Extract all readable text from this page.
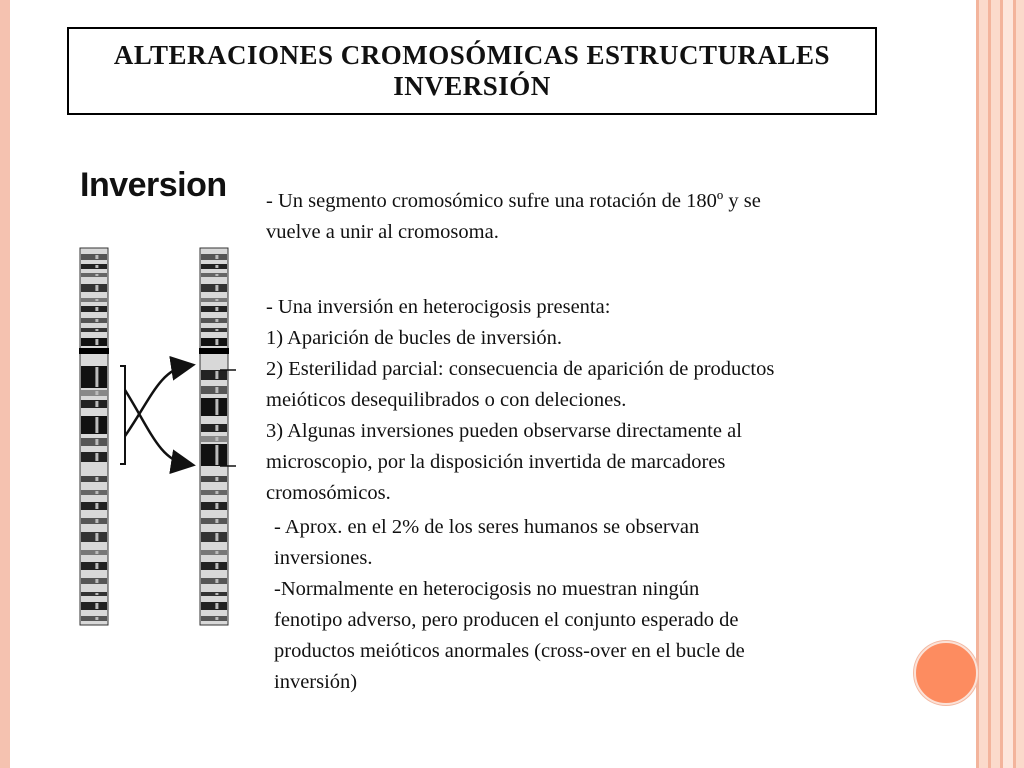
ALTERACIONES CROMOSÓMICAS ESTRUCTURALES
INVERSIÓN
Inversion - Un segmento cromosómico sufre una rotación de 180º y se

vuelve a unir al cromosoma.

- Una inversión en heterocigosis presenta:

1) Aparición de bucles de inversión.

2) Esterilidad parcial: consecuencia de aparición de productos

meióticos desequilibrados o con deleciones.

3) Algunas inversiones pueden observarse directamente al

microscopio, por la disposición invertida de marcadores

cromosómicos.

- Aprox. en el 2% de los seres humanos se observan

inversiones.

-Normalmente en heterocigosis no muestran ningún

fenotipo adverso, pero producen el conjunto esperado de

productos meióticos anormales (cross-over en el bucle de

inversión)
